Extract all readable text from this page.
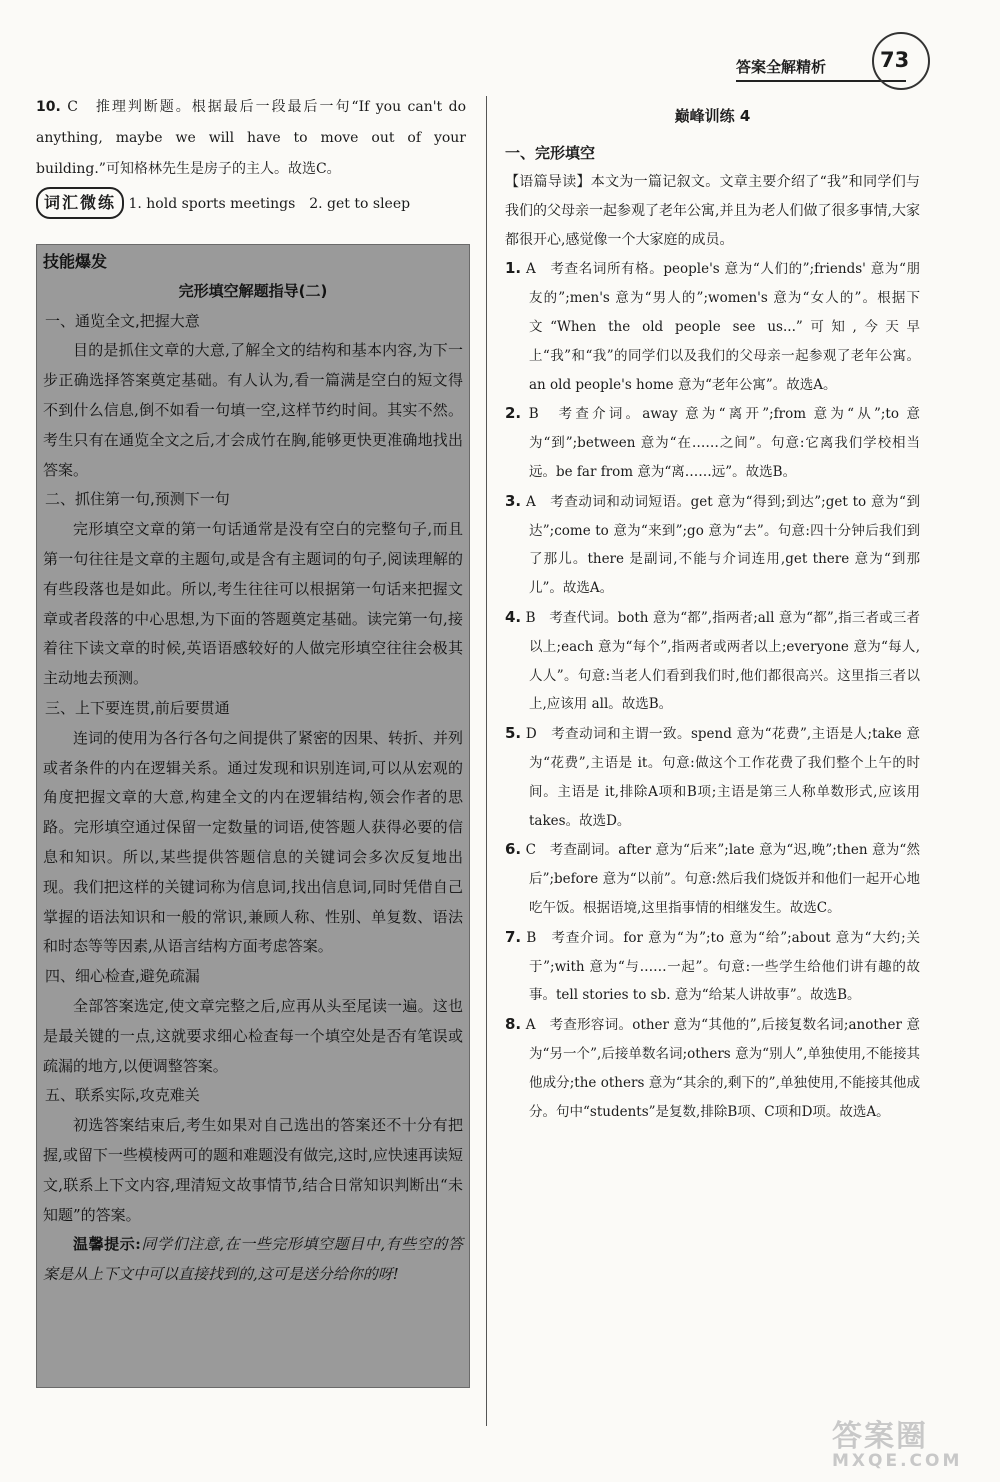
答案全解精析	73

10. C　推理判断题。根据最后一段最后一句“If you can't do anything, maybe we will have to move out of your building.”可知格林先生是房子的主人。故选C。

词汇微练 1. hold sports meetings　2. get to sleep
技能爆发
完形填空解题指导(二)
一、通览全文,把握大意
目的是抓住文章的大意,了解全文的结构和基本内容,为下一步正确选择答案奠定基础。有人认为,看一篇满是空白的短文得不到什么信息,倒不如看一句填一空,这样节约时间。其实不然。考生只有在通览全文之后,才会成竹在胸,能够更快更准确地找出答案。
二、抓住第一句,预测下一句
完形填空文章的第一句话通常是没有空白的完整句子,而且第一句往往是文章的主题句,或是含有主题词的句子,阅读理解的有些段落也是如此。所以,考生往往可以根据第一句话来把握文章或者段落的中心思想,为下面的答题奠定基础。读完第一句,接着往下读文章的时候,英语语感较好的人做完形填空往往会极其主动地去预测。
三、上下要连贯,前后要贯通
连词的使用为各行各句之间提供了紧密的因果、转折、并列或者条件的内在逻辑关系。通过发现和识别连词,可以从宏观的角度把握文章的大意,构建全文的内在逻辑结构,领会作者的思路。完形填空通过保留一定数量的词语,使答题人获得必要的信息和知识。所以,某些提供答题信息的关键词会多次反复地出现。我们把这样的关键词称为信息词,找出信息词,同时凭借自己掌握的语法知识和一般的常识,兼顾人称、性别、单复数、语法和时态等等因素,从语言结构方面考虑答案。
四、细心检查,避免疏漏
全部答案选定,使文章完整之后,应再从头至尾读一遍。这也是最关键的一点,这就要求细心检查每一个填空处是否有笔误或疏漏的地方,以便调整答案。
五、联系实际,攻克难关
初选答案结束后,考生如果对自己选出的答案还不十分有把握,或留下一些模棱两可的题和难题没有做完,这时,应快速再读短文,联系上下文内容,理清短文故事情节,结合日常知识判断出“未知题”的答案。
温馨提示:同学们注意,在一些完形填空题目中,有些空的答案是从上下文中可以直接找到的,这可是送分给你的呀!
巅峰训练 4
一、完形填空
【语篇导读】本文为一篇记叙文。文章主要介绍了“我”和同学们与我们的父母亲一起参观了老年公寓,并且为老人们做了很多事情,大家都很开心,感觉像一个大家庭的成员。

1. A　考查名词所有格。people's 意为“人们的”;friends' 意为“朋友的”;men's 意为“男人的”;women's 意为“女人的”。根据下文“When the old people see us...”可知,今天早上“我”和“我”的同学们以及我们的父母亲一起参观了老年公寓。an old people's home 意为“老年公寓”。故选A。

2. B　考查介词。away 意为“离开”;from 意为“从”;to 意为“到”;between 意为“在……之间”。句意:它离我们学校相当远。be far from 意为“离……远”。故选B。

3. A　考查动词和动词短语。get 意为“得到;到达”;get to 意为“到达”;come to 意为“来到”;go 意为“去”。句意:四十分钟后我们到了那儿。there 是副词,不能与介词连用,get there 意为“到那儿”。故选A。

4. B　考查代词。both 意为“都”,指两者;all 意为“都”,指三者或三者以上;each 意为“每个”,指两者或两者以上;everyone 意为“每人,人人”。句意:当老人们看到我们时,他们都很高兴。这里指三者以上,应该用 all。故选B。

5. D　考查动词和主谓一致。spend 意为“花费”,主语是人;take 意为“花费”,主语是 it。句意:做这个工作花费了我们整个上午的时间。主语是 it,排除A项和B项;主语是第三人称单数形式,应该用 takes。故选D。

6. C　考查副词。after 意为“后来”;late 意为“迟,晚”;then 意为“然后”;before 意为“以前”。句意:然后我们烧饭并和他们一起开心地吃午饭。根据语境,这里指事情的相继发生。故选C。

7. B　考查介词。for 意为“为”;to 意为“给”;about 意为“大约;关于”;with 意为“与……一起”。句意:一些学生给他们讲有趣的故事。tell stories to sb. 意为“给某人讲故事”。故选B。

8. A　考查形容词。other 意为“其他的”,后接复数名词;another 意为“另一个”,后接单数名词;others 意为“别人”,单独使用,不能接其他成分;the others 意为“其余的,剩下的”,单独使用,不能接其他成分。句中“students”是复数,排除B项、C项和D项。故选A。

答案圈
MXQE.COM
